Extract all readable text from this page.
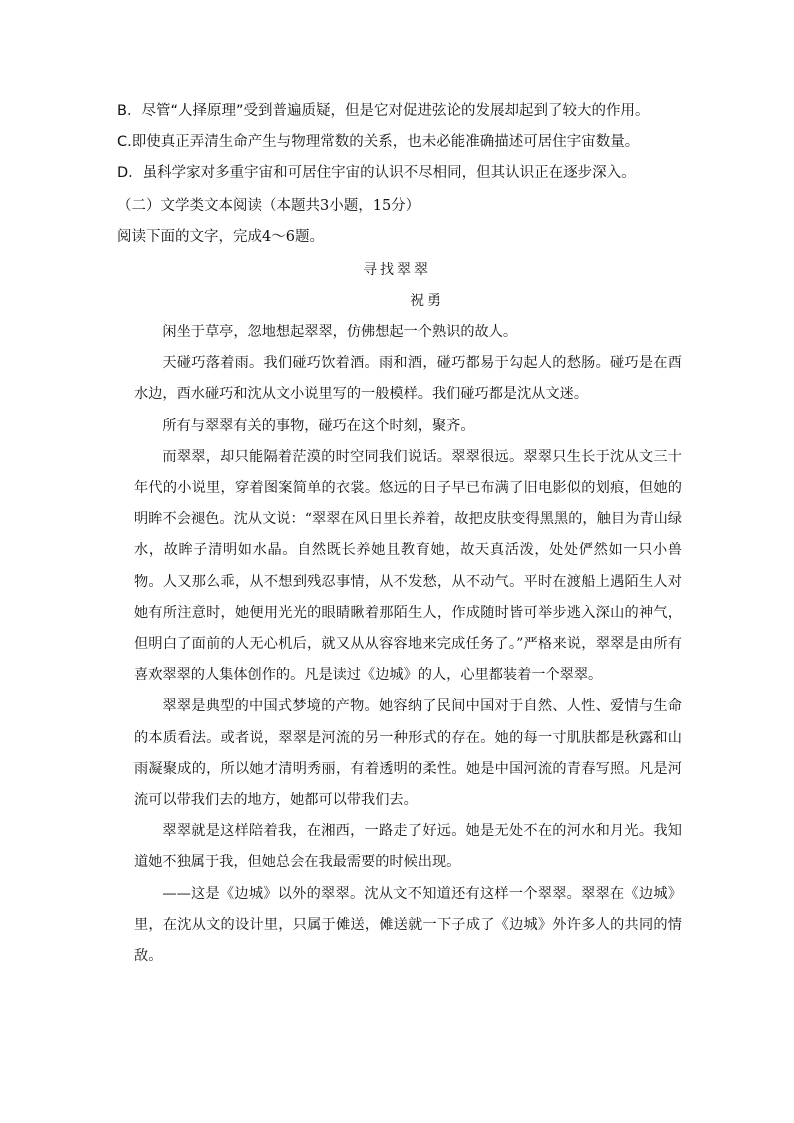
B．尽管“人择原理”受到普遍质疑，但是它对促进弦论的发展却起到了较大的作用。
C.即使真正弄清生命产生与物理常数的关系，也未必能准确描述可居住宇宙数量。
D．虽科学家对多重宇宙和可居住宇宙的认识不尽相同，但其认识正在逐步深入。
（二）文学类文本阅读（本题共3小题，15分）
阅读下面的文字，完成4～6题。
寻找翠翠
祝勇

闲坐于草亭，忽地想起翠翠，仿佛想起一个熟识的故人。

天碰巧落着雨。我们碰巧饮着酒。雨和酒，碰巧都易于勾起人的愁肠。碰巧是在酉水边，酉水碰巧和沈从文小说里写的一般模样。我们碰巧都是沈从文迷。

所有与翠翠有关的事物，碰巧在这个时刻，聚齐。

而翠翠，却只能隔着茫漠的时空同我们说话。翠翠很远。翠翠只生长于沈从文三十年代的小说里，穿着图案简单的衣裳。悠远的日子早已布满了旧电影似的划痕，但她的明眸不会褪色。沈从文说：“翠翠在风日里长养着，故把皮肤变得黑黑的，触目为青山绿水，故眸子清明如水晶。自然既长养她且教育她，故天真活泼，处处俨然如一只小兽物。人又那么乖，从不想到残忍事情，从不发愁，从不动气。平时在渡船上遇陌生人对她有所注意时，她便用光光的眼睛瞅着那陌生人，作成随时皆可举步逃入深山的神气，但明白了面前的人无心机后，就又从从容容地来完成任务了。”严格来说，翠翠是由所有喜欢翠翠的人集体创作的。凡是读过《边城》的人，心里都装着一个翠翠。

翠翠是典型的中国式梦境的产物。她容纳了民间中国对于自然、人性、爱情与生命的本质看法。或者说，翠翠是河流的另一种形式的存在。她的每一寸肌肤都是秋露和山雨凝聚成的，所以她才清明秀丽，有着透明的柔性。她是中国河流的青春写照。凡是河流可以带我们去的地方，她都可以带我们去。

翠翠就是这样陪着我，在湘西，一路走了好远。她是无处不在的河水和月光。我知道她不独属于我，但她总会在我最需要的时候出现。

——这是《边城》以外的翠翠。沈从文不知道还有这样一个翠翠。翠翠在《边城》里，在沈从文的设计里，只属于傩送，傩送就一下子成了《边城》外许多人的共同的情敌。
